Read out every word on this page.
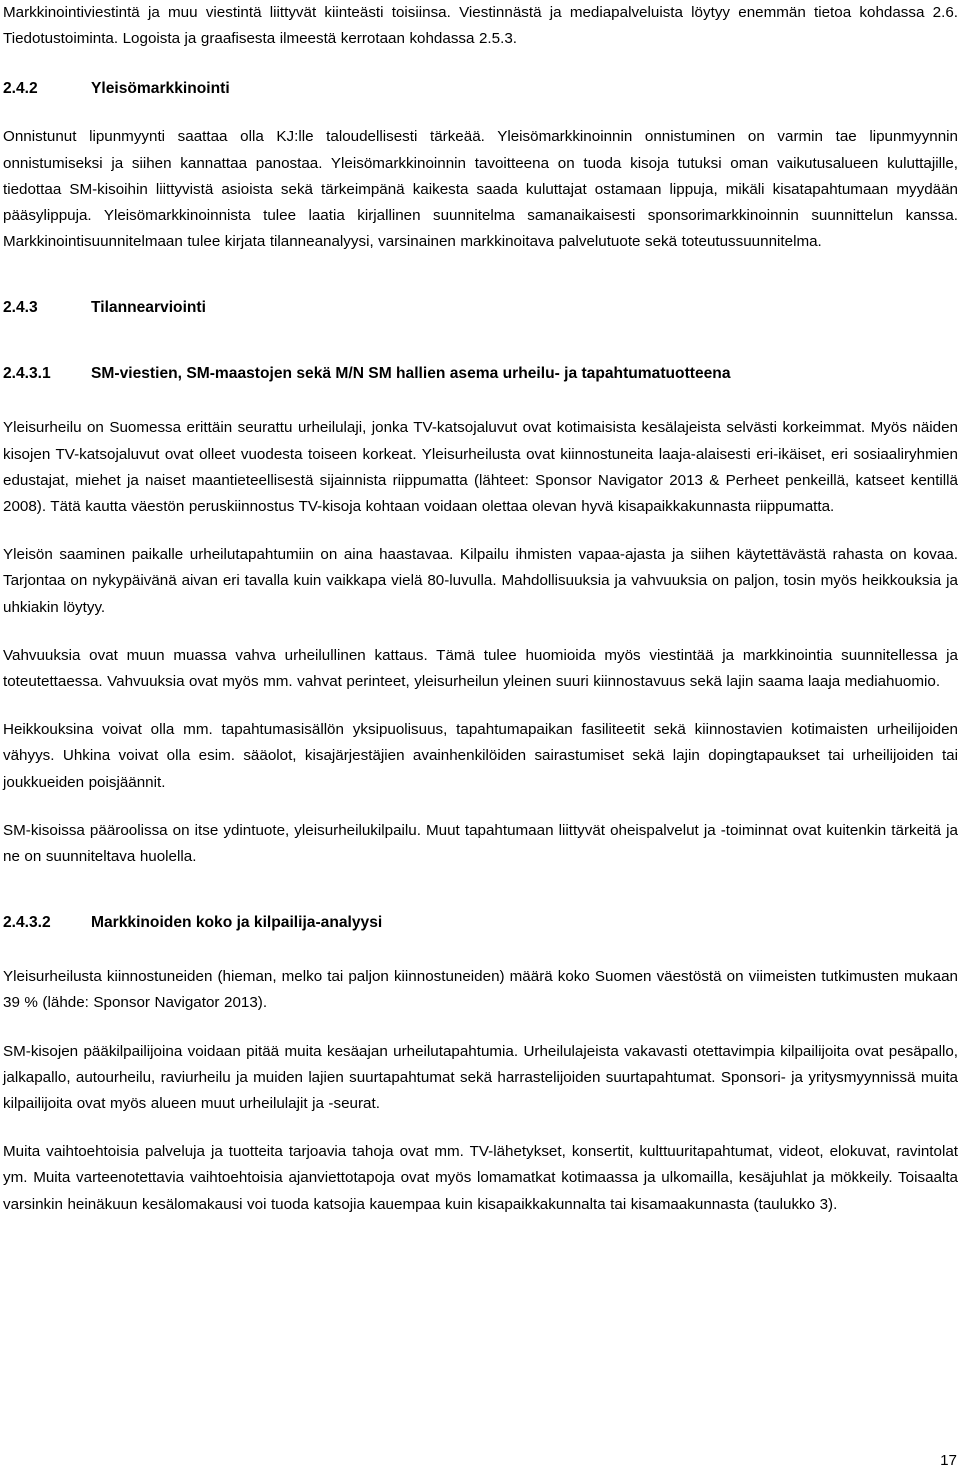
Markkinointiviestintä ja muu viestintä liittyvät kiinteästi toisiinsa. Viestinnästä ja mediapalveluista löytyy enemmän tietoa kohdassa 2.6. Tiedotustoiminta. Logoista ja graafisesta ilmeestä kerrotaan kohdassa 2.5.3.

2.4.2	Yleisömarkkinointi

Onnistunut lipunmyynti saattaa olla KJ:lle taloudellisesti tärkeää. Yleisömarkkinoinnin onnistuminen on varmin tae lipunmyynnin onnistumiseksi ja siihen kannattaa panostaa. Yleisömarkkinoinnin tavoitteena on tuoda kisoja tutuksi oman vaikutusalueen kuluttajille, tiedottaa SM-kisoihin liittyvistä asioista sekä tärkeimpänä kaikesta saada kuluttajat ostamaan lippuja, mikäli kisatapahtumaan myydään pääsylippuja. Yleisömarkkinoinnista tulee laatia kirjallinen suunnitelma samanaikaisesti sponsorimarkkinoinnin suunnittelun kanssa. Markkinointisuunnitelmaan tulee kirjata tilanneanalyysi, varsinainen markkinoitava palvelutuote sekä toteutussuunnitelma.

2.4.3	Tilannearviointi
2.4.3.1	SM-viestien, SM-maastojen sekä M/N SM hallien asema urheilu- ja tapahtumatuotteena

Yleisurheilu on Suomessa erittäin seurattu urheilulaji, jonka TV-katsojaluvut ovat kotimaisista kesälajeista selvästi korkeimmat. Myös näiden kisojen TV-katsojaluvut ovat olleet vuodesta toiseen korkeat. Yleisurheilusta ovat kiinnostuneita laaja-alaisesti eri-ikäiset, eri sosiaaliryhmien edustajat, miehet ja naiset maantieteellisestä sijainnista riippumatta (lähteet: Sponsor Navigator 2013 & Perheet penkeillä, katseet kentillä 2008). Tätä kautta väestön peruskiinnostus TV-kisoja kohtaan voidaan olettaa olevan hyvä kisapaikkakunnasta riippumatta.

Yleisön saaminen paikalle urheilutapahtumiin on aina haastavaa. Kilpailu ihmisten vapaa-ajasta ja siihen käytettävästä rahasta on kovaa. Tarjontaa on nykypäivänä aivan eri tavalla kuin vaikkapa vielä 80-luvulla. Mahdollisuuksia ja vahvuuksia on paljon, tosin myös heikkouksia ja uhkiakin löytyy.

Vahvuuksia ovat muun muassa vahva urheilullinen kattaus. Tämä tulee huomioida myös viestintää ja markkinointia suunnitellessa ja toteutettaessa. Vahvuuksia ovat myös mm. vahvat perinteet, yleisurheilun yleinen suuri kiinnostavuus sekä lajin saama laaja mediahuomio.

Heikkouksina voivat olla mm. tapahtumasisällön yksipuolisuus, tapahtumapaikan fasiliteetit sekä kiinnostavien kotimaisten urheilijoiden vähyys. Uhkina voivat olla esim. sääolot, kisajärjestäjien avainhenkilöiden sairastumiset sekä lajin dopingtapaukset tai urheilijoiden tai joukkueiden poisjäännit.

SM-kisoissa pääroolissa on itse ydintuote, yleisurheilukilpailu. Muut tapahtumaan liittyvät oheispalvelut ja -toiminnat ovat kuitenkin tärkeitä ja ne on suunniteltava huolella.

2.4.3.2	Markkinoiden koko ja kilpailija-analyysi

Yleisurheilusta kiinnostuneiden (hieman, melko tai paljon kiinnostuneiden) määrä koko Suomen väestöstä on viimeisten tutkimusten mukaan 39 % (lähde: Sponsor Navigator 2013).

SM-kisojen pääkilpailijoina voidaan pitää muita kesäajan urheilutapahtumia. Urheilulajeista vakavasti otettavimpia kilpailijoita ovat pesäpallo, jalkapallo, autourheilu, raviurheilu ja muiden lajien suurtapahtumat sekä harrastelijoiden suurtapahtumat. Sponsori- ja yritysmyynnissä muita kilpailijoita ovat myös alueen muut urheilulajit ja -seurat.

Muita vaihtoehtoisia palveluja ja tuotteita tarjoavia tahoja ovat mm. TV-lähetykset, konsertit, kulttuuritapahtumat, videot, elokuvat, ravintolat ym. Muita varteenotettavia vaihtoehtoisia ajanviettotapoja ovat myös lomamatkat kotimaassa ja ulkomailla, kesäjuhlat ja mökkeily. Toisaalta varsinkin heinäkuun kesälomakausi voi tuoda katsojia kauempaa kuin kisapaikkakunnalta tai kisamaakunnasta (taulukko 3).

17
